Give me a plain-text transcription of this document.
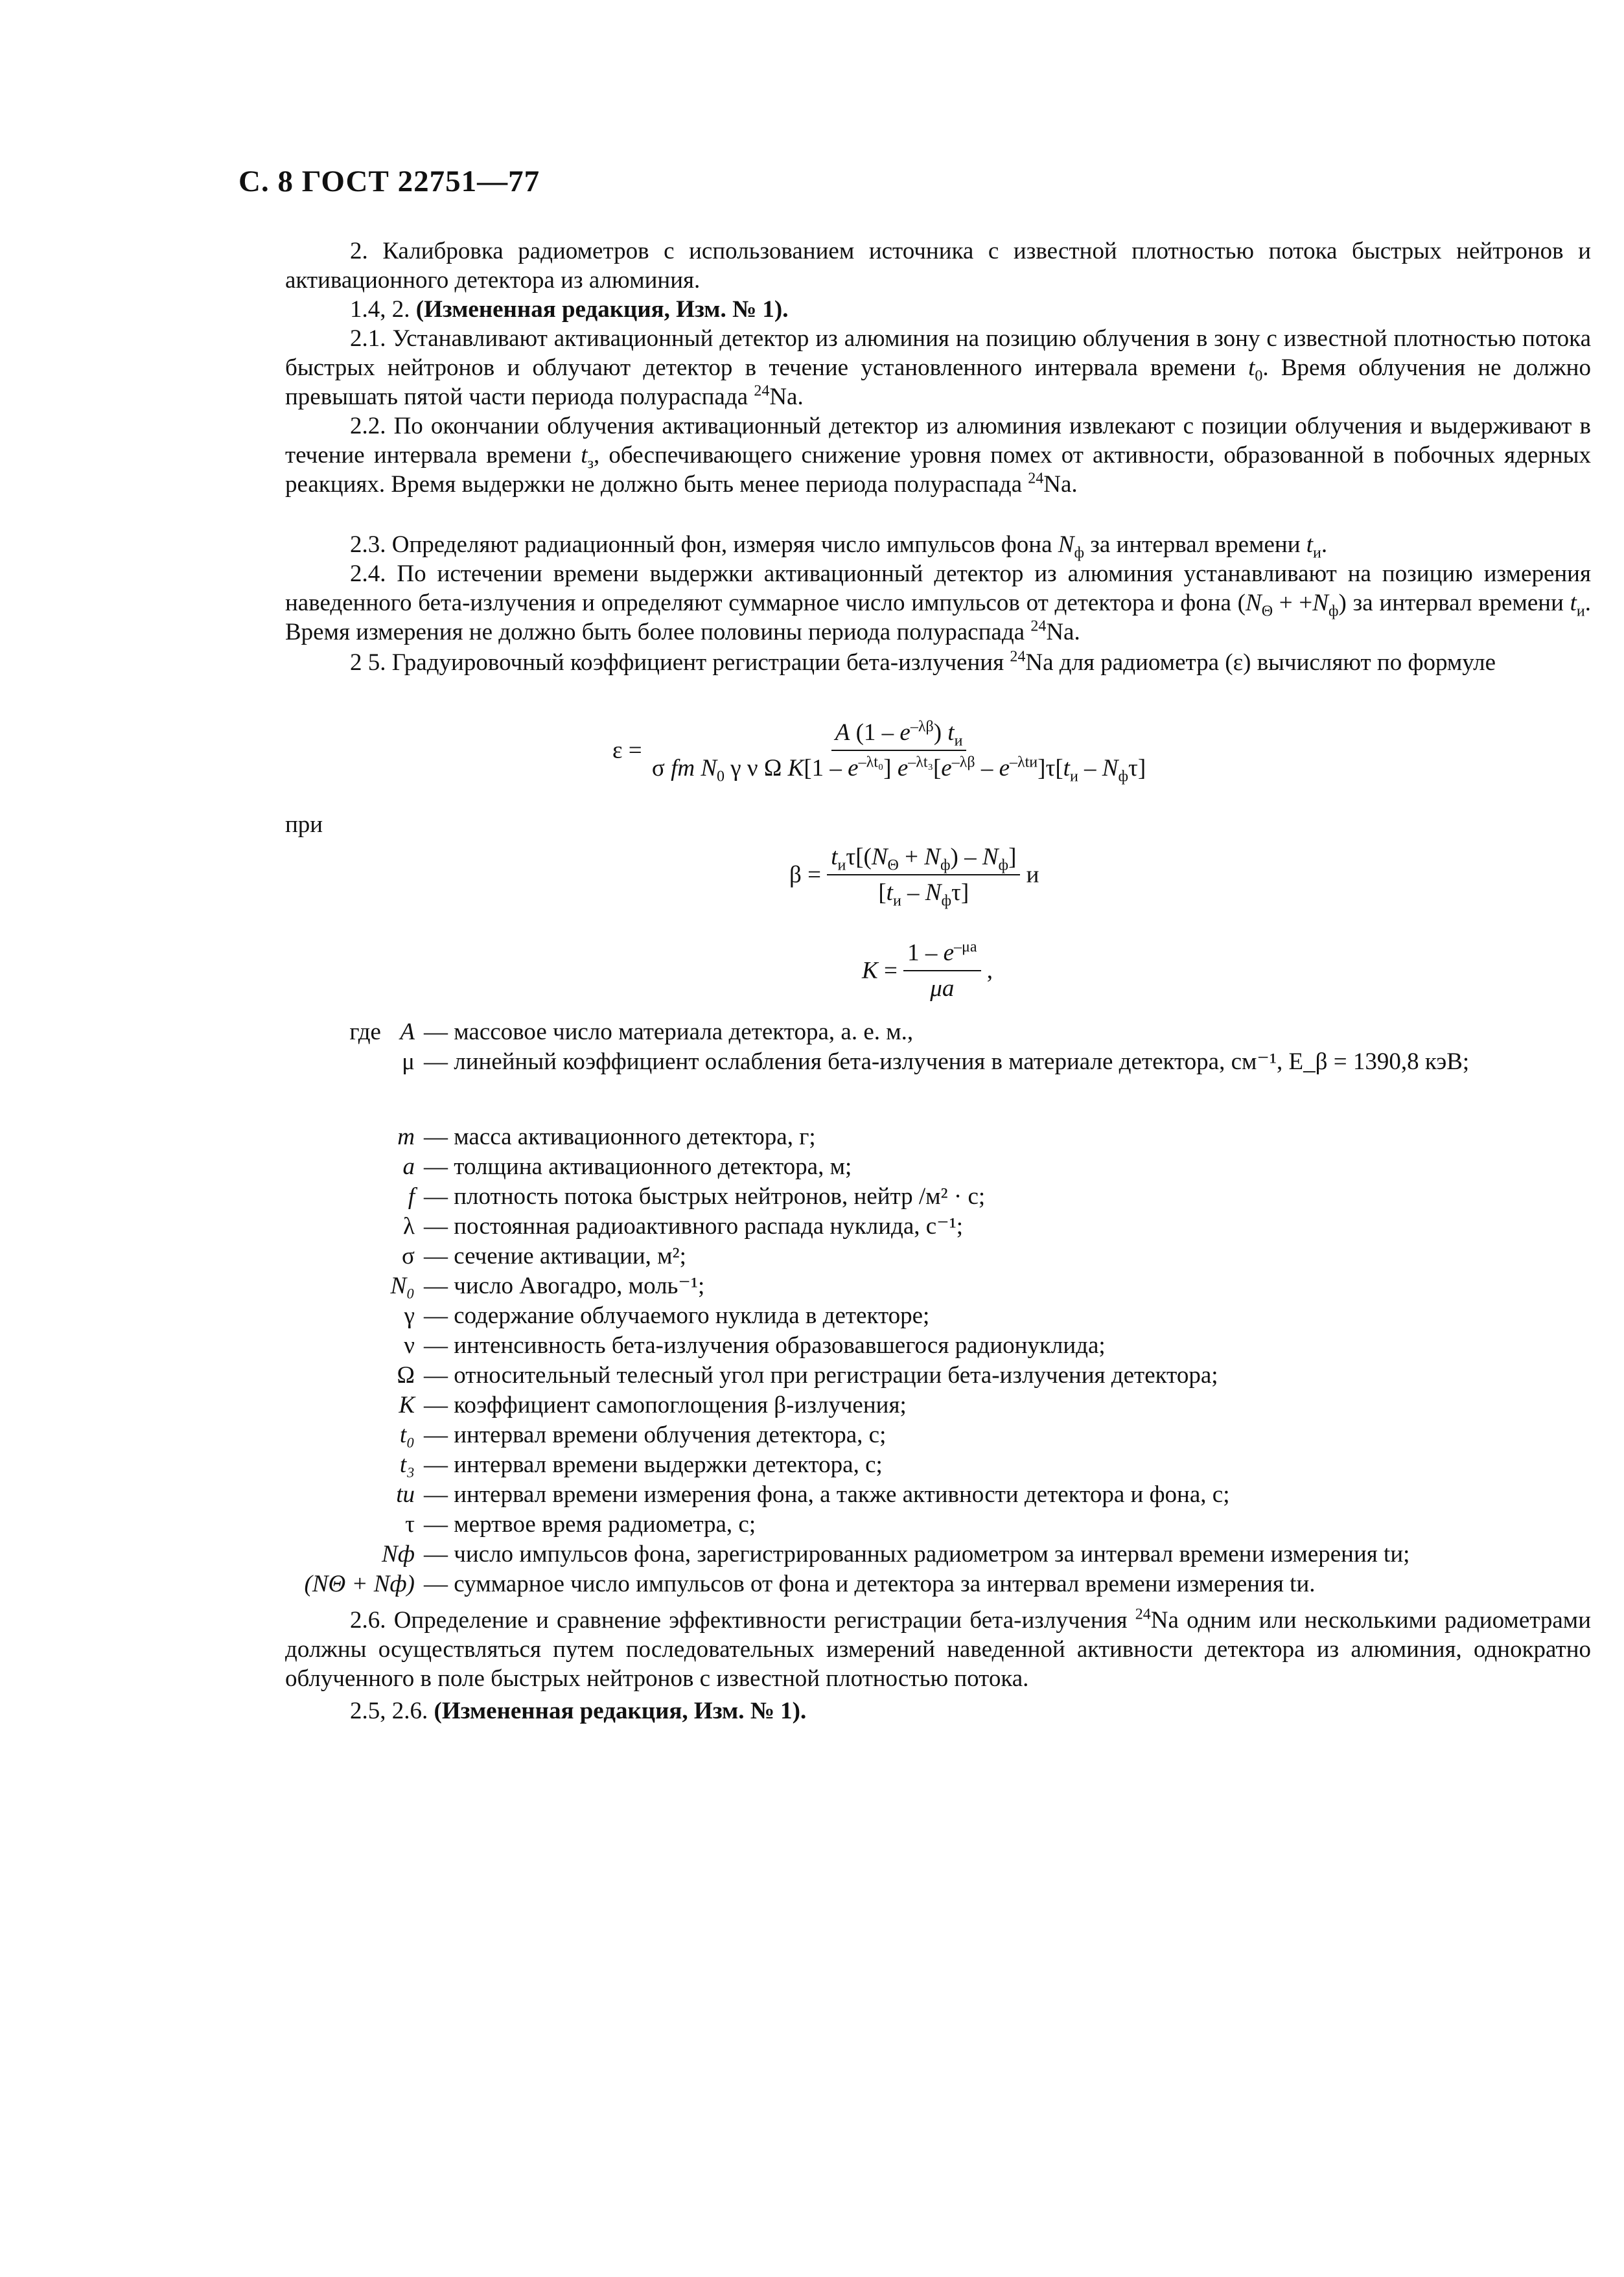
С. 8 ГОСТ 22751—77
2. Калибровка радиометров с использованием источника с известной плотностью потока быстрых нейтронов и активационного детектора из алюминия.
1.4, 2. (Измененная редакция, Изм. № 1).
2.1. Устанавливают активационный детектор из алюминия на позицию облучения в зону с известной плотностью потока быстрых нейтронов и облучают детектор в течение установленного интервала времени $t_0$. Время облучения не должно превышать пятой части периода полураспада $^{24}$Na.
2.2. По окончании облучения активационный детектор из алюминия извлекают с позиции облучения и выдерживают в течение интервала времени $t_з$, обеспечивающего снижение уровня помех от активности, образованной в побочных ядерных реакциях. Время выдержки не должно быть менее периода полураспада $^{24}$Na.
2.3. Определяют радиационный фон, измеряя число импульсов фона $N_ф$ за интервал времени $t_и$.
2.4. По истечении времени выдержки активационный детектор из алюминия устанавливают на позицию измерения наведенного бета-излучения и определяют суммарное число импульсов от детектора и фона $(N_\Theta + +N_ф)$ за интервал времени $t_и$. Время измерения не должно быть более половины периода полураспада $^{24}$Na.
2 5. Градуировочный коэффициент регистрации бета-излучения $^{24}$Na для радиометра (ε) вычисляют по формуле
$\varepsilon = \frac{A (1 - e^{-\lambda\beta}) t_и}{\sigma fm N_0 \gamma \nu \Omega K[1 - e^{-\lambda t_0}] e^{-\lambda t_3}[e^{-\lambda\beta} - e^{-\lambda tи}]\tau[t_и - N_ф\tau]}$
при
$\beta = \frac{t_и\tau[(N_\Theta + N_ф) - N_ф]}{[t_и - N_ф\tau]}$ и
$K = \frac{1 - e^{-\mu a}}{\mu a}$ ,
где A — массовое число материала детектора, а. е. м.,
μ — линейный коэффициент ослабления бета-излучения в материале детектора, см⁻¹, E_β = 1390,8 кэВ;
m — масса активационного детектора, г;
a — толщина активационного детектора, м;
f — плотность потока быстрых нейтронов, нейтр /м² · с;
λ — постоянная радиоактивного распада нуклида, с⁻¹;
σ — сечение активации, м²;
N₀ — число Авогадро, моль⁻¹;
γ — содержание облучаемого нуклида в детекторе;
ν — интенсивность бета-излучения образовавшегося радионуклида;
Ω — относительный телесный угол при регистрации бета-излучения детектора;
K — коэффициент самопоглощения β-излучения;
t₀ — интервал времени облучения детектора, с;
t₃ — интервал времени выдержки детектора, с;
tи — интервал времени измерения фона, а также активности детектора и фона, с;
τ — мертвое время радиометра, с;
Nф — число импульсов фона, зарегистрированных радиометром за интервал времени измерения tи;
(NΘ + Nф) — суммарное число импульсов от фона и детектора за интервал времени измерения tи.
2.6. Определение и сравнение эффективности регистрации бета-излучения $^{24}$Na одним или несколькими радиометрами должны осуществляться путем последовательных измерений наведенной активности детектора из алюминия, однократно облученного в поле быстрых нейтронов с известной плотностью потока.
2.5, 2.6. (Измененная редакция, Изм. № 1).
